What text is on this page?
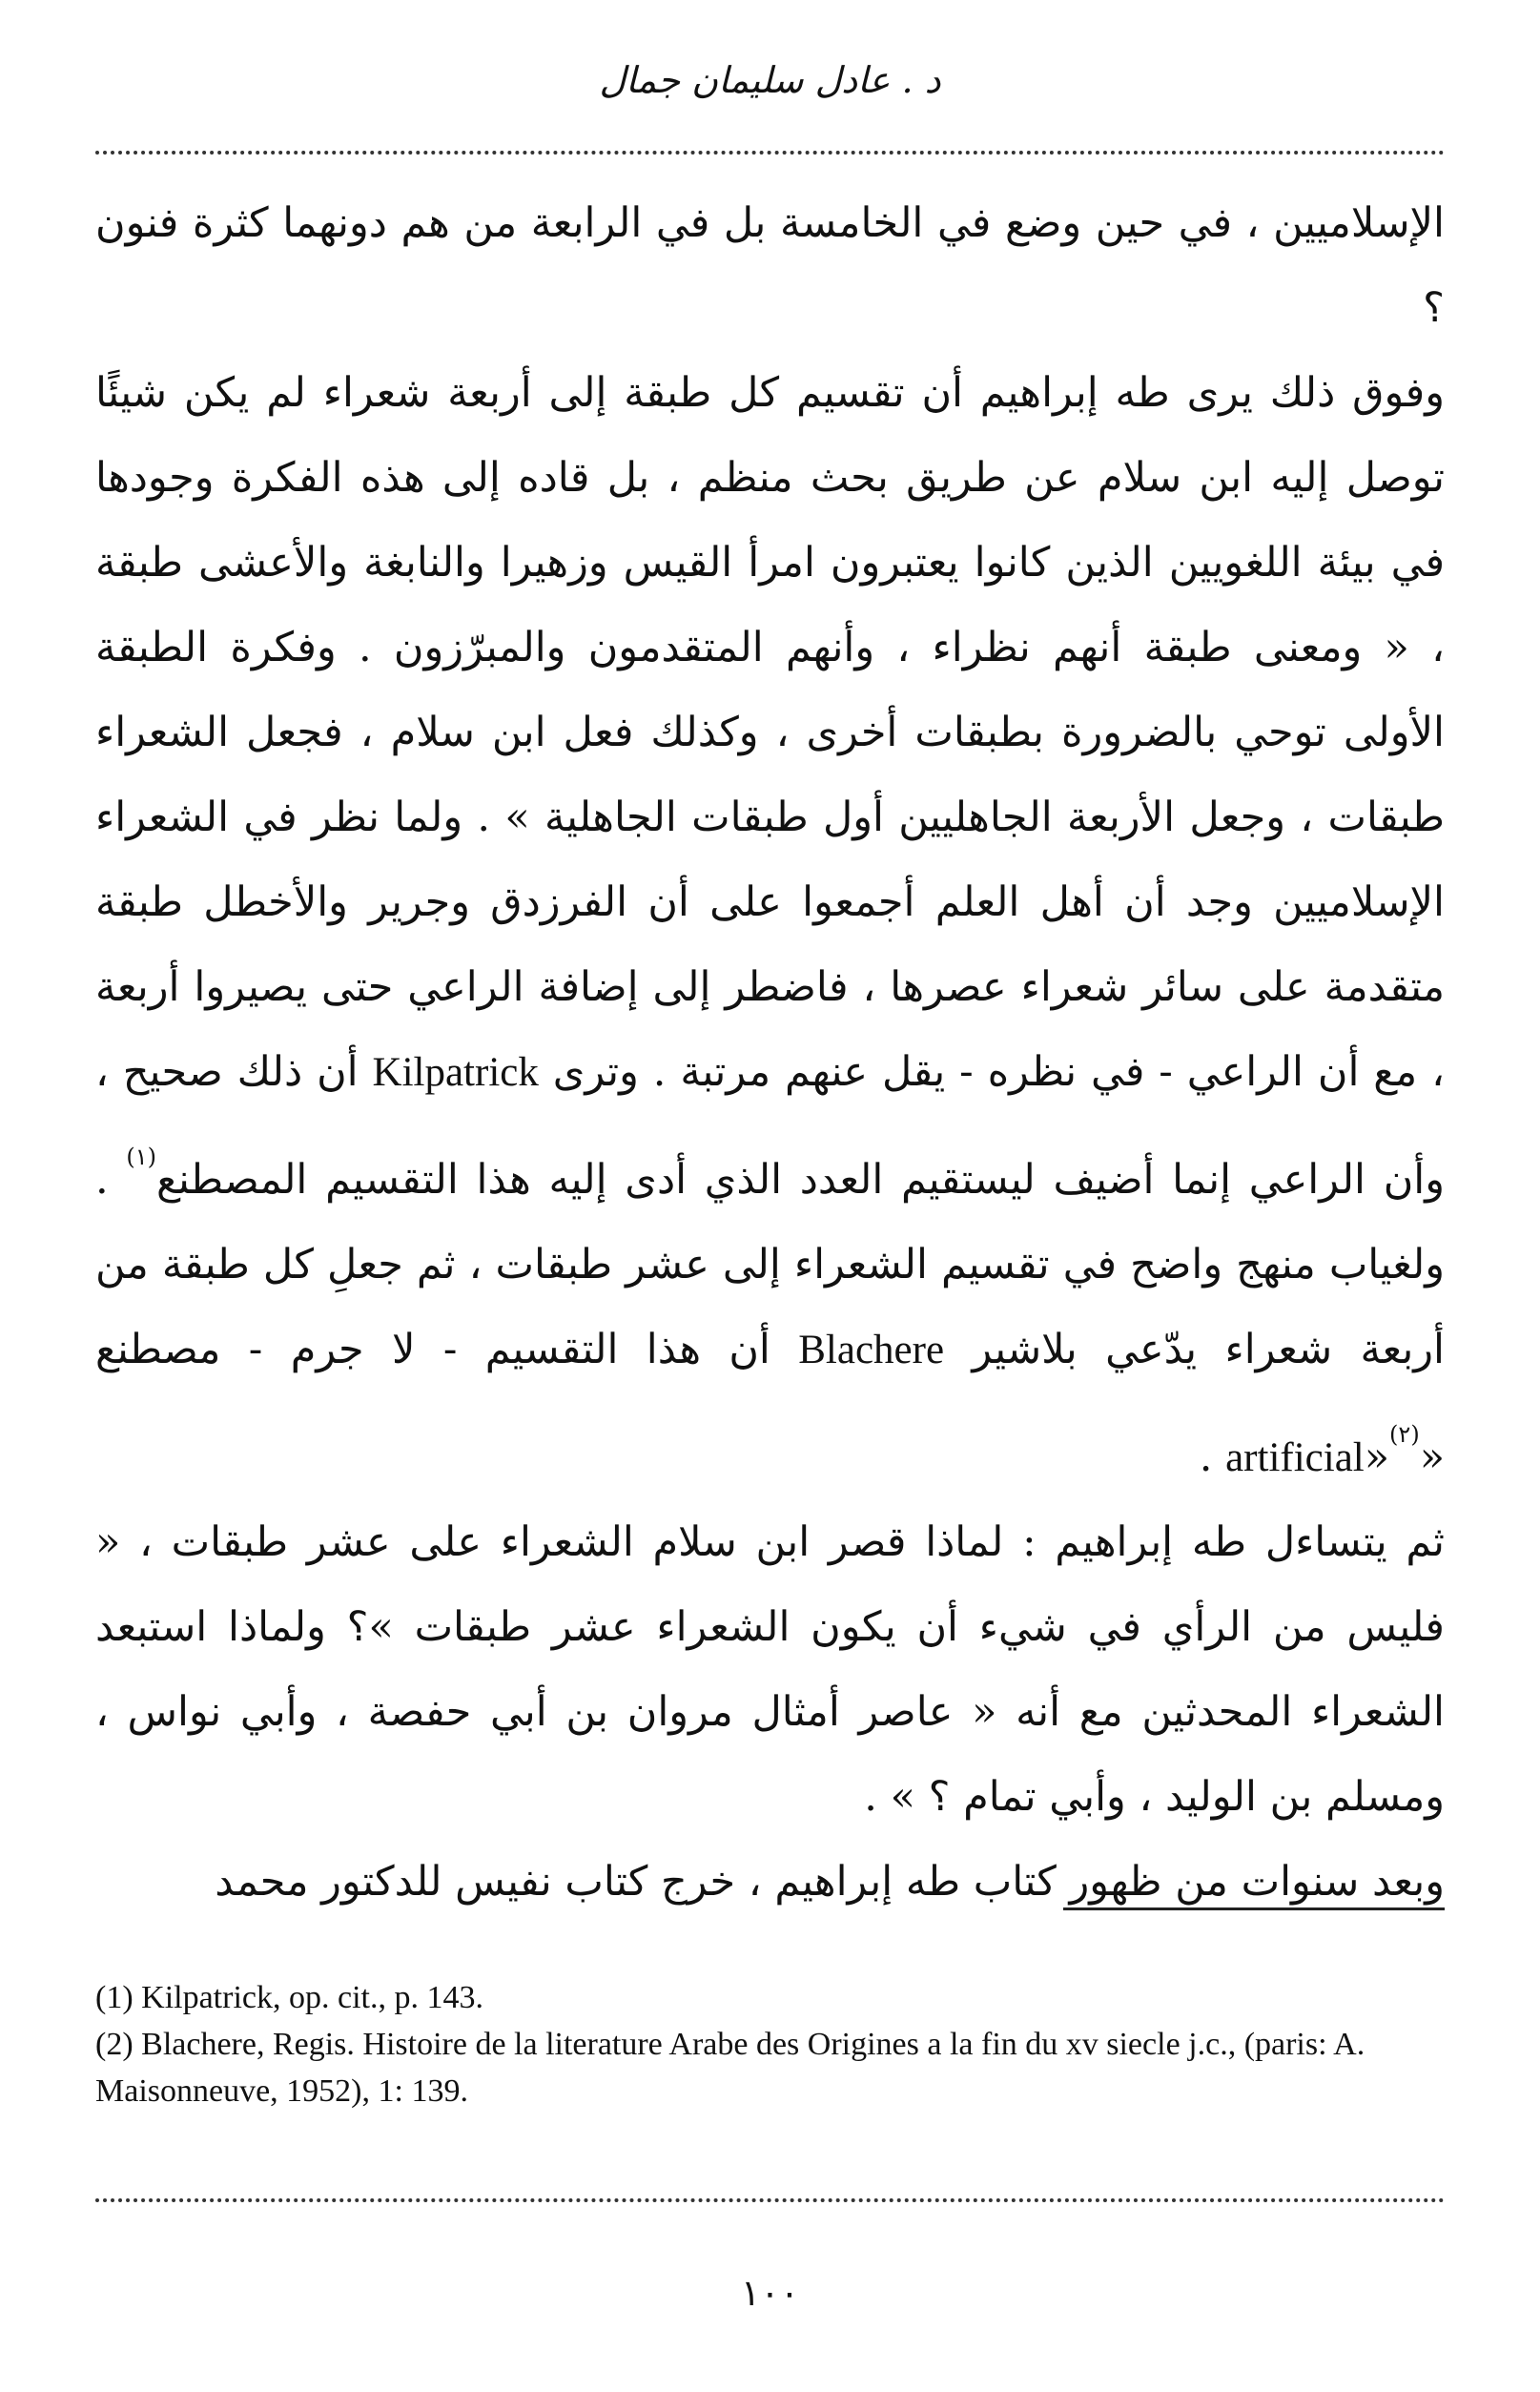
د . عادل سليمان جمال

الإسلاميين ، في حين وضع في الخامسة بل في الرابعة من هم دونهما كثرة فنون ؟

وفوق ذلك يرى طه إبراهيم أن تقسيم كل طبقة إلى أربعة شعراء لم يكن شيئًا توصل إليه ابن سلام عن طريق بحث منظم ، بل قاده إلى هذه الفكرة وجودها في بيئة اللغويين الذين كانوا يعتبرون امرأ القيس وزهيرا والنابغة والأعشى طبقة ، « ومعنى طبقة أنهم نظراء ، وأنهم المتقدمون والمبرّزون . وفكرة الطبقة الأولى توحي بالضرورة بطبقات أخرى ، وكذلك فعل ابن سلام ، فجعل الشعراء طبقات ، وجعل الأربعة الجاهليين أول طبقات الجاهلية » . ولما نظر في الشعراء الإسلاميين وجد أن أهل العلم أجمعوا على أن الفرزدق وجرير والأخطل طبقة متقدمة على سائر شعراء عصرها ، فاضطر إلى إضافة الراعي حتى يصيروا أربعة ، مع أن الراعي - في نظره - يقل عنهم مرتبة . وترى Kilpatrick أن ذلك صحيح ، وأن الراعي إنما أضيف ليستقيم العدد الذي أدى إليه هذا التقسيم المصطنع$^{(١)}$ . ولغياب منهج واضح في تقسيم الشعراء إلى عشر طبقات ، ثم جعلِ كل طبقة من أربعة شعراء يدّعي بلاشير Blachere أن هذا التقسيم - لا جرم - مصطنع «artificial»$^{(٢)}$ .

ثم يتساءل طه إبراهيم : لماذا قصر ابن سلام الشعراء على عشر طبقات ، « فليس من الرأي في شيء أن يكون الشعراء عشر طبقات »؟ ولماذا استبعد الشعراء المحدثين مع أنه « عاصر أمثال مروان بن أبي حفصة ، وأبي نواس ، ومسلم بن الوليد ، وأبي تمام ؟ » .

وبعد سنوات من ظهور كتاب طه إبراهيم ، خرج كتاب نفيس للدكتور محمد

(1) Kilpatrick, op. cit., p. 143.

(2) Blachere, Regis. Histoire de la literature Arabe des Origines a la fin du xv siecle j.c., (paris: A. Maisonneuve, 1952), 1: 139.

١٠٠
